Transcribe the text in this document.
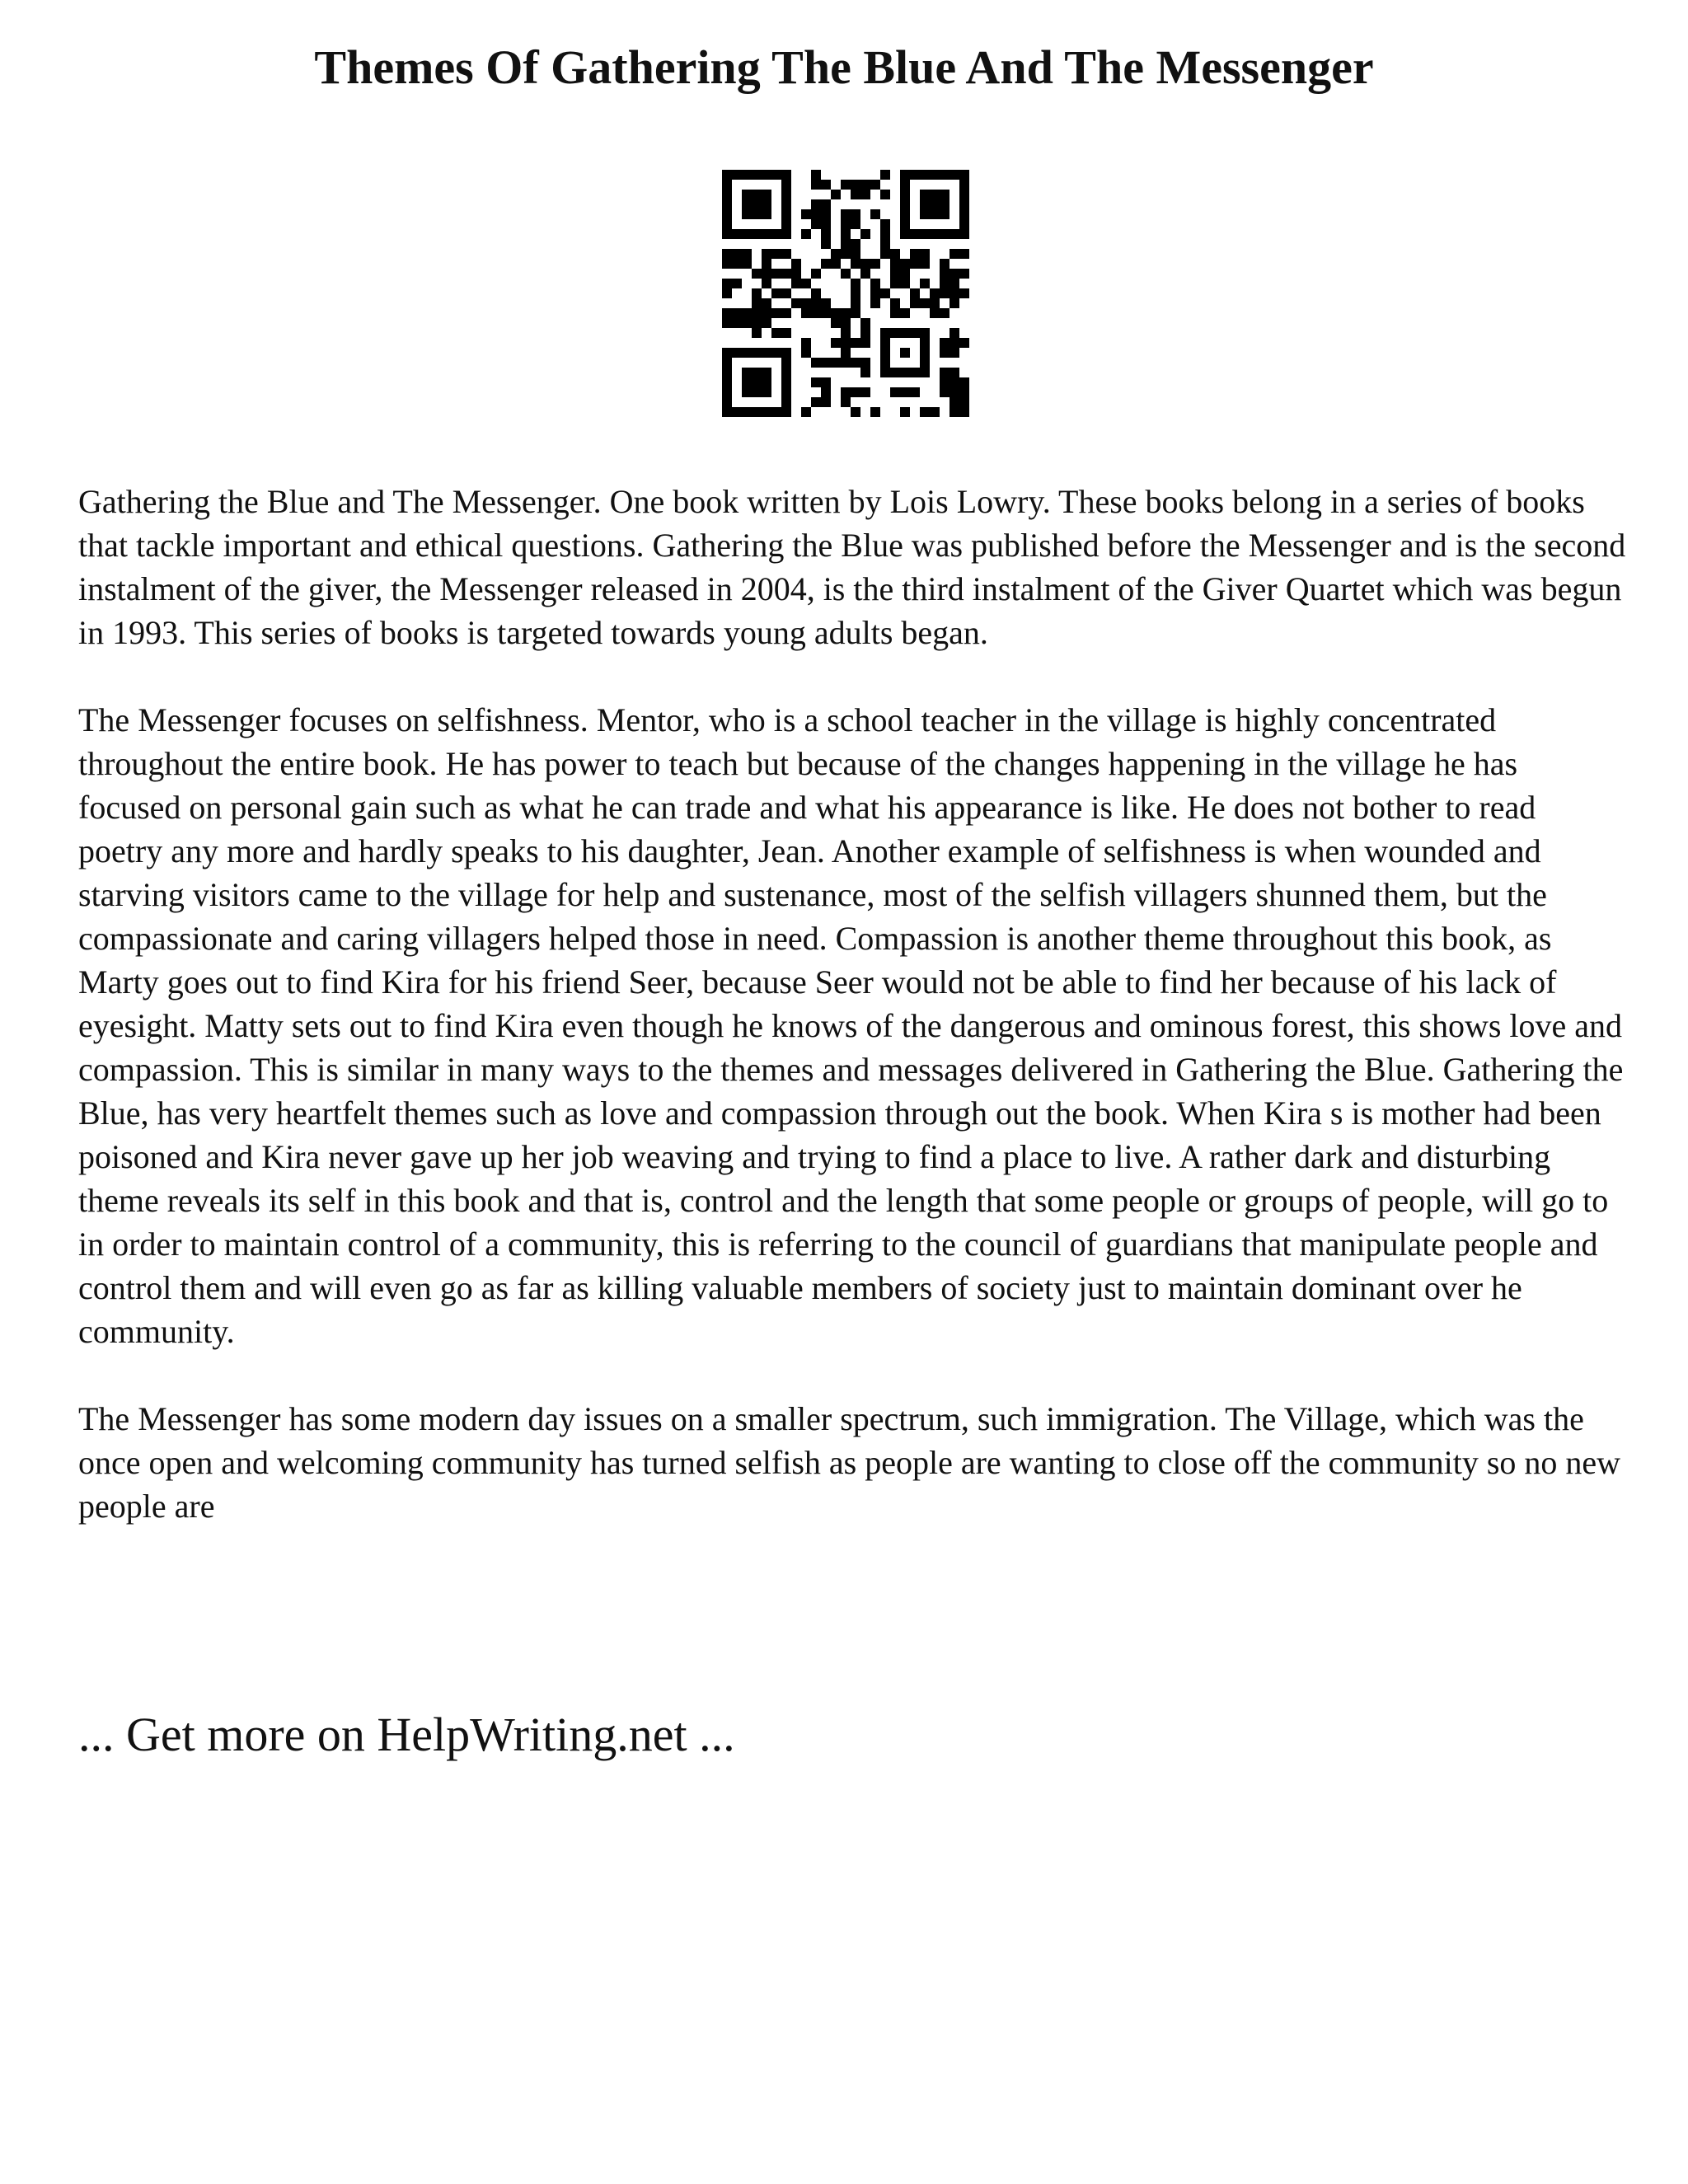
Themes Of Gathering The Blue And The Messenger

Gathering the Blue and The Messenger. One book written by Lois Lowry. These books belong in a series of books that tackle important and ethical questions. Gathering the Blue was published before the Messenger and is the second instalment of the giver, the Messenger released in 2004, is the third instalment of the Giver Quartet which was begun in 1993. This series of books is targeted towards young adults began.

The Messenger focuses on selfishness. Mentor, who is a school teacher in the village is highly concentrated throughout the entire book. He has power to teach but because of the changes happening in the village he has focused on personal gain such as what he can trade and what his appearance is like. He does not bother to read poetry any more and hardly speaks to his daughter, Jean. Another example of selfishness is when wounded and starving visitors came to the village for help and sustenance, most of the selfish villagers shunned them, but the compassionate and caring villagers helped those in need. Compassion is another theme throughout this book, as Marty goes out to find Kira for his friend Seer, because Seer would not be able to find her because of his lack of eyesight. Matty sets out to find Kira even though he knows of the dangerous and ominous forest, this shows love and compassion. This is similar in many ways to the themes and messages delivered in Gathering the Blue. Gathering the Blue, has very heartfelt themes such as love and compassion through out the book. When Kira s is mother had been poisoned and Kira never gave up her job weaving and trying to find a place to live. A rather dark and disturbing theme reveals its self in this book and that is, control and the length that some people or groups of people, will go to in order to maintain control of a community, this is referring to the council of guardians that manipulate people and control them and will even go as far as killing valuable members of society just to maintain dominant over he community.

The Messenger has some modern day issues on a smaller spectrum, such immigration. The Village, which was the once open and welcoming community has turned selfish as people are wanting to close off the community so no new people are

... Get more on HelpWriting.net ...
